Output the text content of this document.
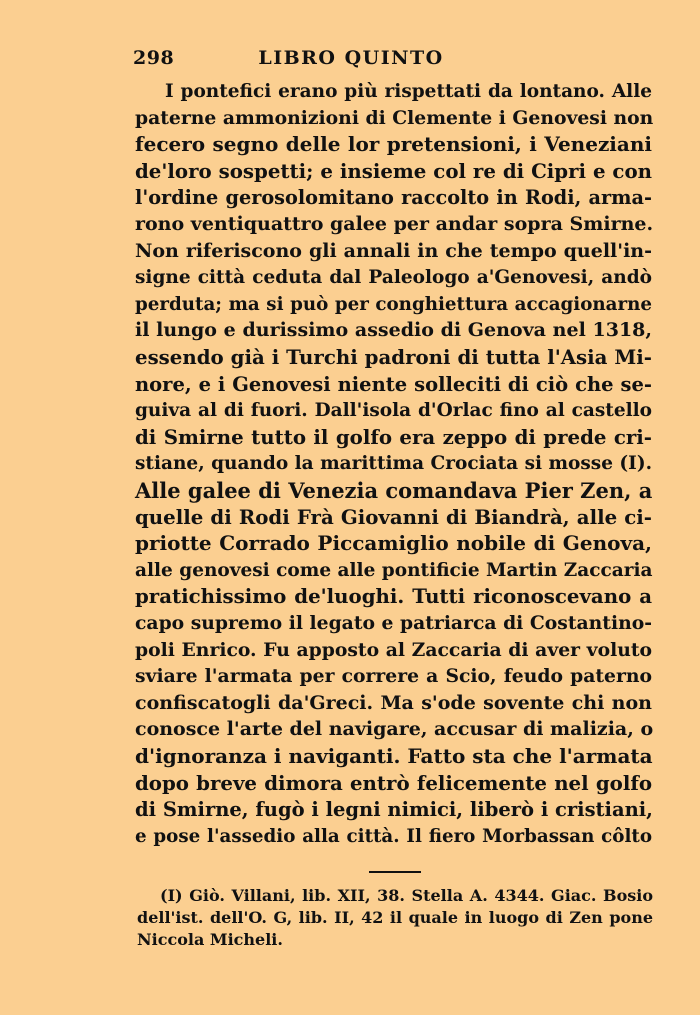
298	LIBRO QUINTO
I pontefici erano più rispettati da lontano. Alle
paterne ammonizioni di Clemente i Genovesi non
fecero segno delle lor pretensioni, i Veneziani
de'loro sospetti; e insieme col re di Cipri e con
l'ordine gerosolomitano raccolto in Rodi, arma-
rono ventiquattro galee per andar sopra Smirne.
Non riferiscono gli annali in che tempo quell'in-
signe città ceduta dal Paleologo a'Genovesi, andò
perduta; ma si può per conghiettura accagionarne
il lungo e durissimo assedio di Genova nel 1318,
essendo già i Turchi padroni di tutta l'Asia Mi-
nore, e i Genovesi niente solleciti di ciò che se-
guiva al di fuori. Dall'isola d'Orlac fino al castello
di Smirne tutto il golfo era zeppo di prede cri-
stiane, quando la marittima Crociata si mosse (I).
Alle galee di Venezia comandava Pier Zen, a
quelle di Rodi Frà Giovanni di Biandrà, alle ci-
priotte Corrado Piccamiglio nobile di Genova,
alle genovesi come alle pontificie Martin Zaccaria
pratichissimo de'luoghi. Tutti riconoscevano a
capo supremo il legato e patriarca di Costantino-
poli Enrico. Fu apposto al Zaccaria di aver voluto
sviare l'armata per correre a Scio, feudo paterno
confiscatogli da'Greci. Ma s'ode sovente chi non
conosce l'arte del navigare, accusar di malizia, o
d'ignoranza i naviganti. Fatto sta che l'armata
dopo breve dimora entrò felicemente nel golfo
di Smirne, fugò i legni nimici, liberò i cristiani,
e pose l'assedio alla città. Il fiero Morbassan côlto
(I) Giò. Villani, lib. XII, 38. Stella A. 4344. Giac. Bosio
dell'ist. dell'O. G, lib. II, 42 il quale in luogo di Zen pone
Niccola Micheli.
